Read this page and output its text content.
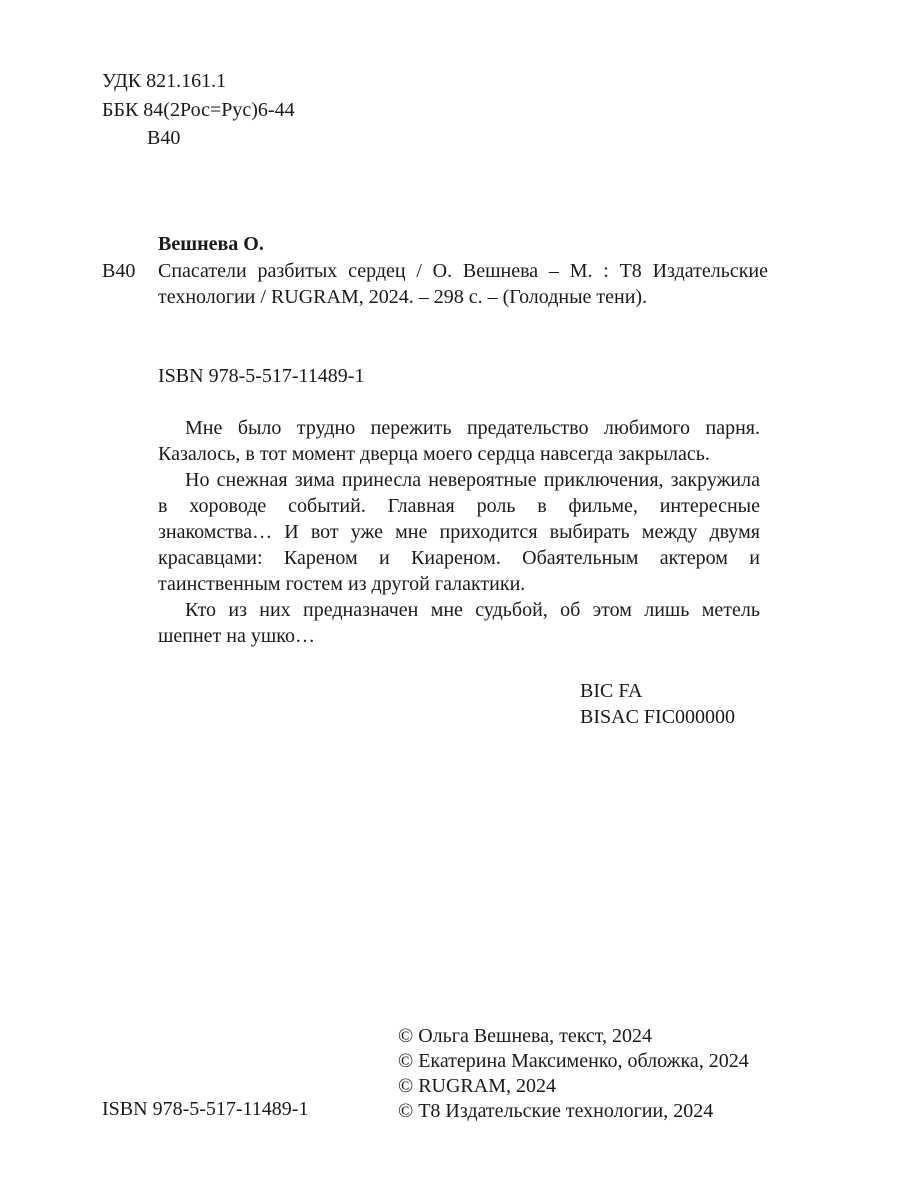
УДК 821.161.1
ББК 84(2Рос=Рус)6-44
В40
Вешнева О.
В40 Спасатели разбитых сердец / О. Вешнева – М. : Т8 Издательские технологии / RUGRAM, 2024. – 298 с. – (Голодные тени).
ISBN 978-5-517-11489-1

Мне было трудно пережить предательство любимого парня. Казалось, в тот момент дверца моего сердца навсегда закрылась.

Но снежная зима принесла невероятные приключения, закружила в хороводе событий. Главная роль в фильме, интересные знакомства… И вот уже мне приходится выбирать между двумя красавцами: Кареном и Киареном. Обаятельным актером и таинственным гостем из другой галактики.

Кто из них предназначен мне судьбой, об этом лишь метель шепнет на ушко…

BIC FA
BISAC FIC000000
ISBN 978-5-517-11489-1
© Ольга Вешнева, текст, 2024
© Екатерина Максименко, обложка, 2024
© RUGRAM, 2024
© Т8 Издательские технологии, 2024
